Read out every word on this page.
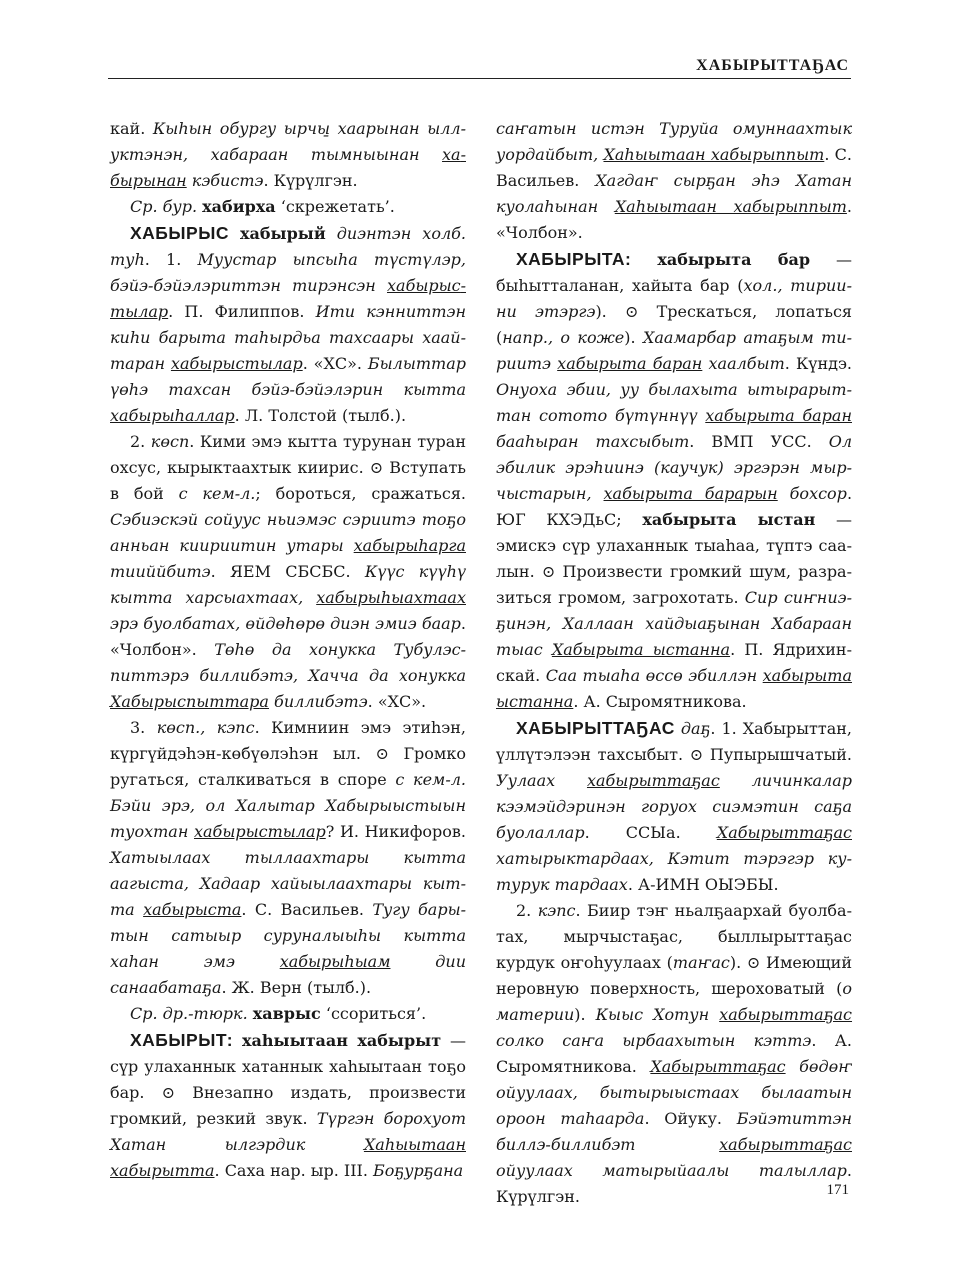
ХАБЫРЫТТАҔАС

кай. Кыһын обургу ырчы̱ хаарынан ыллуктэнэн, хабараан тымныынан хабырынан кэбистэ. Күрүлгэн.

Ср. бур. хабирха ‘скрежетать’.

ХАБЫРЫС хабырый диэнтэн холб. туһ. 1. Муустар ыпсыһа түстүлэр, бэйэ-бэйэлэриттэн тирэнсэн хабырыстылар. П. Филиппов. Ити кэнниттэн киһи барыта таһырдьа тахсаары хаайтаран хабырыстылар. «ХС». Былыттар үөһэ тахсан бэйэ-бэйэлэрин кытта хабырыһаллар. Л. Толстой (тылб.).

2. көсп. Кими эмэ кытта турунан туран охсус, кырыктаахтык киирис. ⊙ Вступать в бой с кем-л.; бороться, сражаться. Сэбиэскэй сойуус ньиэмэс сэриитэ тоҕо анньан киириитин утары хабырыһарга тииййбитэ. ЯЕМ СБСБС. Күүс күүһү кытта харсыахтаах, хабырыһыахтаах эрэ буолбатах, өйдөһөрө диэн эмиэ баар. «Чолбон». Төһө да хонукка Тубулэспиттэрэ биллибэтэ, Хачча да хонукка Хабырыспыттара биллибэтэ. «ХС».

3. көсп., кэпс. Кимниин эмэ этиһэн, күргүйдэһэн-көбүөлэһэн ыл. ⊙ Громко ругаться, сталкиваться в споре с кем-л. Бэйи эрэ, ол Халытар Хабырыыстыын туохтан хабырыстылар? И. Никифоров. Хатыылаах тыллаахтары кытта аагыста, Хадаар хайыылаахтары кытта хабырыста. С. Васильев. Тугу барытын сатыыр суруналыыһы кытта хаһан эмэ хабырыһыам дии санаабатаҕа. Ж. Верн (тылб.).

Ср. др.-тюрк. хаврыс ‘ссориться’.

ХАБЫРЫТ: хаһыытаан хабырыт — сүр улаханнык хатаннык хаһыытаан тоҕо бар. ⊙ Внезапно издать, произвести громкий, резкий звук. Түргэн борохуот Хатан ылгэрдик Хаһыытаан хабырытта. Саха нар. ыр. III. Боҕурҕана

саҥатын истэн Туруйа омуннаахтык уордайбыт, Хаһыытаан хабырыппыт. С. Васильев. Хагдаҥ сырҕан эһэ Хатан куолаһынан Хаһыытаан хабырыппыт. «Чолбон».

ХАБЫРЫТА: хабырыта бар — быһытталанан, хайыта бар (хол., тириини этэргэ). ⊙ Трескаться, лопаться (напр., о коже). Хаамарбар атаҕым тириитэ хабырыта баран хаалбыт. Күндэ. Онуоха эбии, уу былахыта ытырарыттан сотото бүтүннүү хабырыта баран бааһыран тахсыбыт. ВМП УСС. Ол эбилик эрэһиинэ (каучук) эргэрэн мырчыстарын, хабырыта барарын бохсор. ЮГ КХЭДьС; хабырыта ыстан — эмискэ сүр улаханнык тыаһаа, түптэ саалын. ⊙ Произвести громкий шум, разразиться громом, загрохотать. Сир сиҥниэҕинэн, Халлаан хайдыаҕынан Хабараан тыас Хабырыта ыстанна. П. Ядрихинскай. Саа тыаһа өссө эбиллэн хабырыта ыстанна. А. Сыромятникова.

ХАБЫРЫТТАҔАС даҕ. 1. Хабырыттан, үллүтэлээн тахсыбыт. ⊙ Пупырышчатый. Уулаах хабырыттаҕас личинкалар кээмэйдэринэн горуох сиэмэтин саҕа буолаллар. ССЫа. Хабырыттаҕас хатырыктардаах, Кэтит тэрэгэр кутурук тардаах. А-ИМН ОЫЭБЫ.

2. кэпс. Биир тэҥ ньалҕаархай буолбатах, мырчыстаҕас, быллырыттаҕас курдук оҥоһуулаах (таҥас). ⊙ Имеющий неровную поверхность, шероховатый (о материи). Кыыс Хотун хабырыттаҕас солко саҥа ырбаахытын кэттэ. А. Сыромятникова. Хабырыттаҕас бөдөҥ ойуулаах, бытырыыстаах былаатын ороон таһаарда. Ойуку. Бэйэтиттэн биллэ-биллибэт хабырыттаҕас ойуулаах матырыйаалы талыллар. Күрүлгэн.	171
